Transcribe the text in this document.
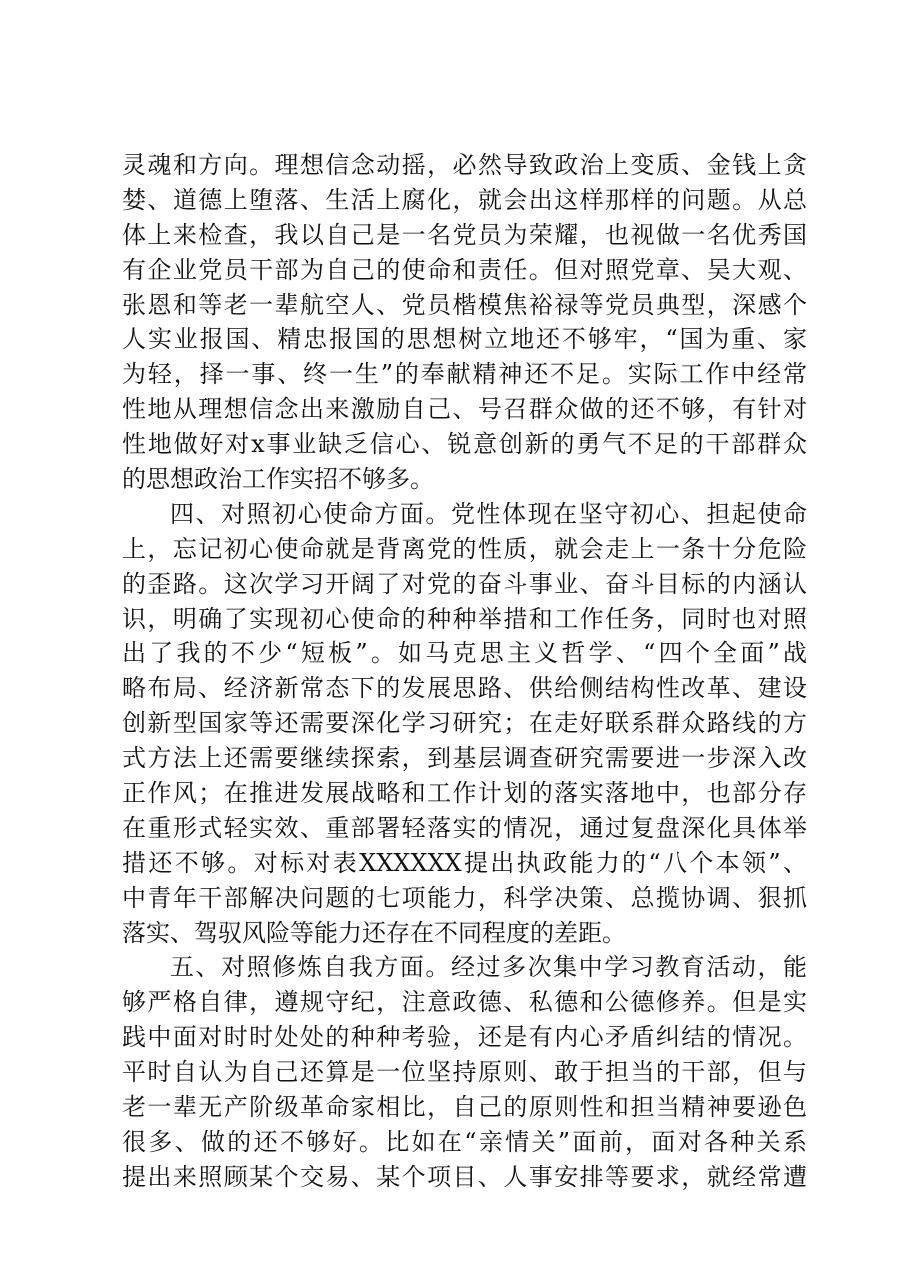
灵魂和方向。理想信念动摇，必然导致政治上变质、金钱上贪
婪、道德上堕落、生活上腐化，就会出这样那样的问题。从总
体上来检查，我以自己是一名党员为荣耀，也视做一名优秀国
有企业党员干部为自己的使命和责任。但对照党章、吴大观、
张恩和等老一辈航空人、党员楷模焦裕禄等党员典型，深感个
人实业报国、精忠报国的思想树立地还不够牢，“国为重、家
为轻，择一事、终一生”的奉献精神还不足。实际工作中经常
性地从理想信念出来激励自己、号召群众做的还不够，有针对
性地做好对x事业缺乏信心、锐意创新的勇气不足的干部群众
的思想政治工作实招不够多。
四、对照初心使命方面。党性体现在坚守初心、担起使命
上，忘记初心使命就是背离党的性质，就会走上一条十分危险
的歪路。这次学习开阔了对党的奋斗事业、奋斗目标的内涵认
识，明确了实现初心使命的种种举措和工作任务，同时也对照
出了我的不少“短板”。如马克思主义哲学、“四个全面”战
略布局、经济新常态下的发展思路、供给侧结构性改革、建设
创新型国家等还需要深化学习研究；在走好联系群众路线的方
式方法上还需要继续探索，到基层调查研究需要进一步深入改
正作风；在推进发展战略和工作计划的落实落地中，也部分存
在重形式轻实效、重部署轻落实的情况，通过复盘深化具体举
措还不够。对标对表XXXXXX提出执政能力的“八个本领”、
中青年干部解决问题的七项能力，科学决策、总揽协调、狠抓
落实、驾驭风险等能力还存在不同程度的差距。
五、对照修炼自我方面。经过多次集中学习教育活动，能
够严格自律，遵规守纪，注意政德、私德和公德修养。但是实
践中面对时时处处的种种考验，还是有内心矛盾纠结的情况。
平时自认为自己还算是一位坚持原则、敢于担当的干部，但与
老一辈无产阶级革命家相比，自己的原则性和担当精神要逊色
很多、做的还不够好。比如在“亲情关”面前，面对各种关系
提出来照顾某个交易、某个项目、人事安排等要求，就经常遭
